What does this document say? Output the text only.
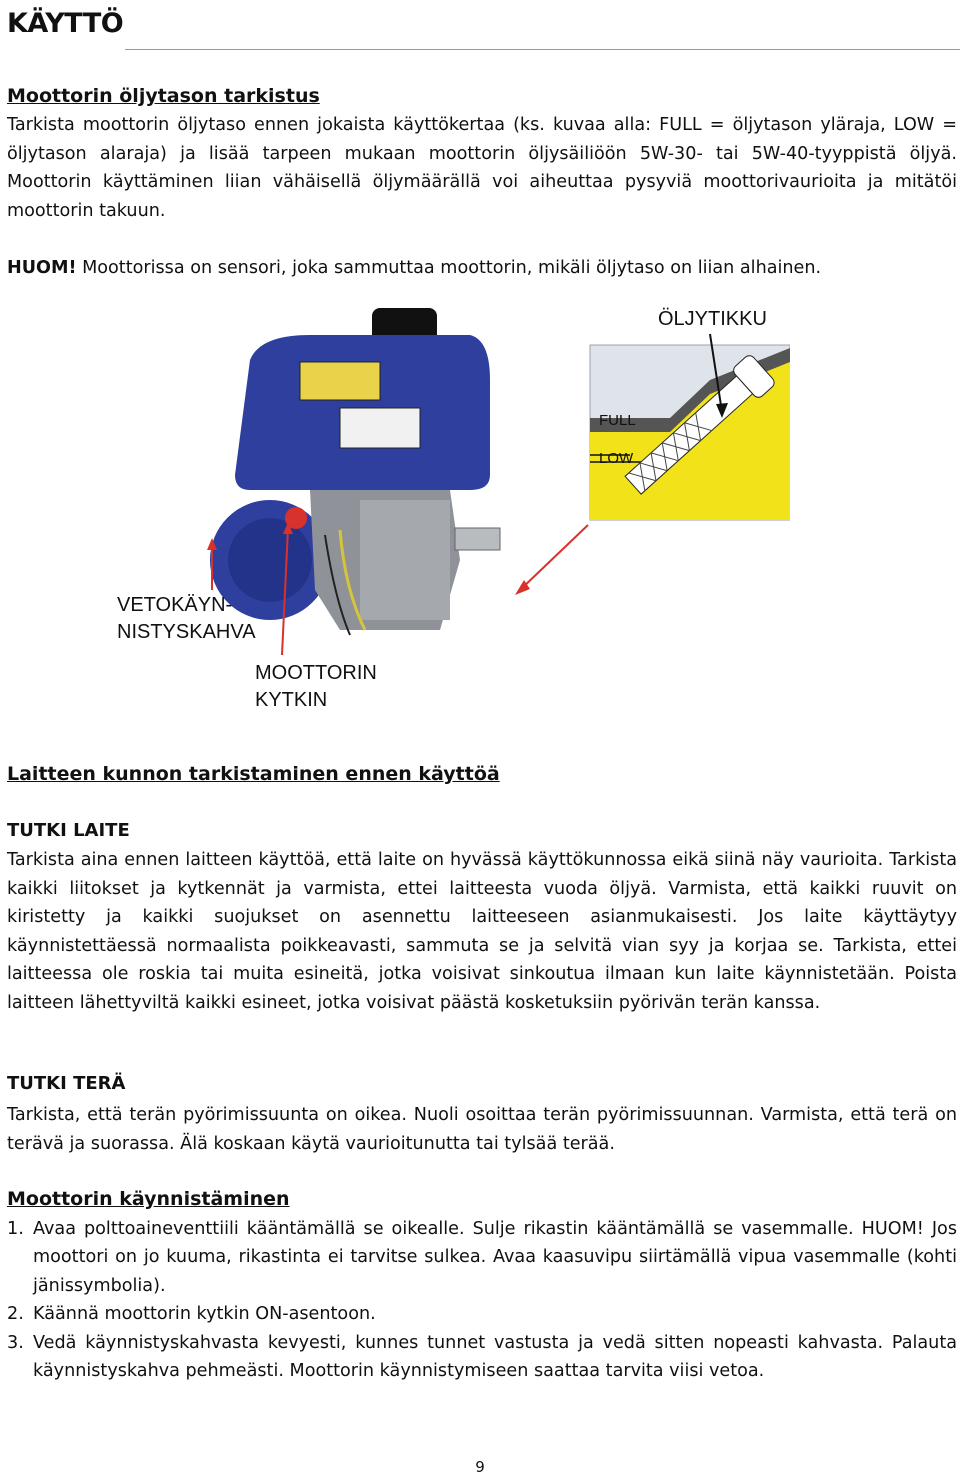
KÄYTTÖ
Moottorin öljytason tarkistus

Tarkista moottorin öljytaso ennen jokaista käyttökertaa (ks. kuvaa alla: FULL = öljytason yläraja, LOW = öljytason alaraja) ja lisää tarpeen mukaan moottorin öljysäiliöön 5W-30- tai 5W-40-tyyppistä öljyä. Moottorin käyttäminen liian vähäisellä öljymäärällä voi aiheuttaa pysyviä moottorivaurioita ja mitätöi moottorin takuun.

HUOM! Moottorissa on sensori, joka sammuttaa moottorin, mikäli öljytaso on liian alhainen.

ÖLJYTIKKU
FULL
LOW
VETOKÄYN-
NISTYSKAHVA
MOOTTORIN
KYTKIN
Laitteen kunnon tarkistaminen ennen käyttöä
TUTKI LAITE

Tarkista aina ennen laitteen käyttöä, että laite on hyvässä käyttökunnossa eikä siinä näy vaurioita. Tarkista kaikki liitokset ja kytkennät ja varmista, ettei laitteesta vuoda öljyä. Varmista, että kaikki ruuvit on kiristetty ja kaikki suojukset on asennettu laitteeseen asianmukaisesti. Jos laite käyttäytyy käynnistettäessä normaalista poikkeavasti, sammuta se ja selvitä vian syy ja korjaa se. Tarkista, ettei laitteessa ole roskia tai muita esineitä, jotka voisivat sinkoutua ilmaan kun laite käynnistetään. Poista laitteen lähettyviltä kaikki esineet, jotka voisivat päästä kosketuksiin pyörivän terän kanssa.

TUTKI TERÄ

Tarkista, että terän pyörimissuunta on oikea. Nuoli osoittaa terän pyörimissuunnan. Varmista, että terä on terävä ja suorassa. Älä koskaan käytä vaurioitunutta tai tylsää terää.

Moottorin käynnistäminen
1. Avaa polttoaineventtiili kääntämällä se oikealle. Sulje rikastin kääntämällä se vasemmalle. HUOM! Jos moottori on jo kuuma, rikastinta ei tarvitse sulkea. Avaa kaasuvipu siirtämällä vipua vasemmalle (kohti jänissymbolia).
2. Käännä moottorin kytkin ON-asentoon.
3. Vedä käynnistyskahvasta kevyesti, kunnes tunnet vastusta ja vedä sitten nopeasti kahvasta. Palauta käynnistyskahva pehmeästi. Moottorin käynnistymiseen saattaa tarvita viisi vetoa.
9
